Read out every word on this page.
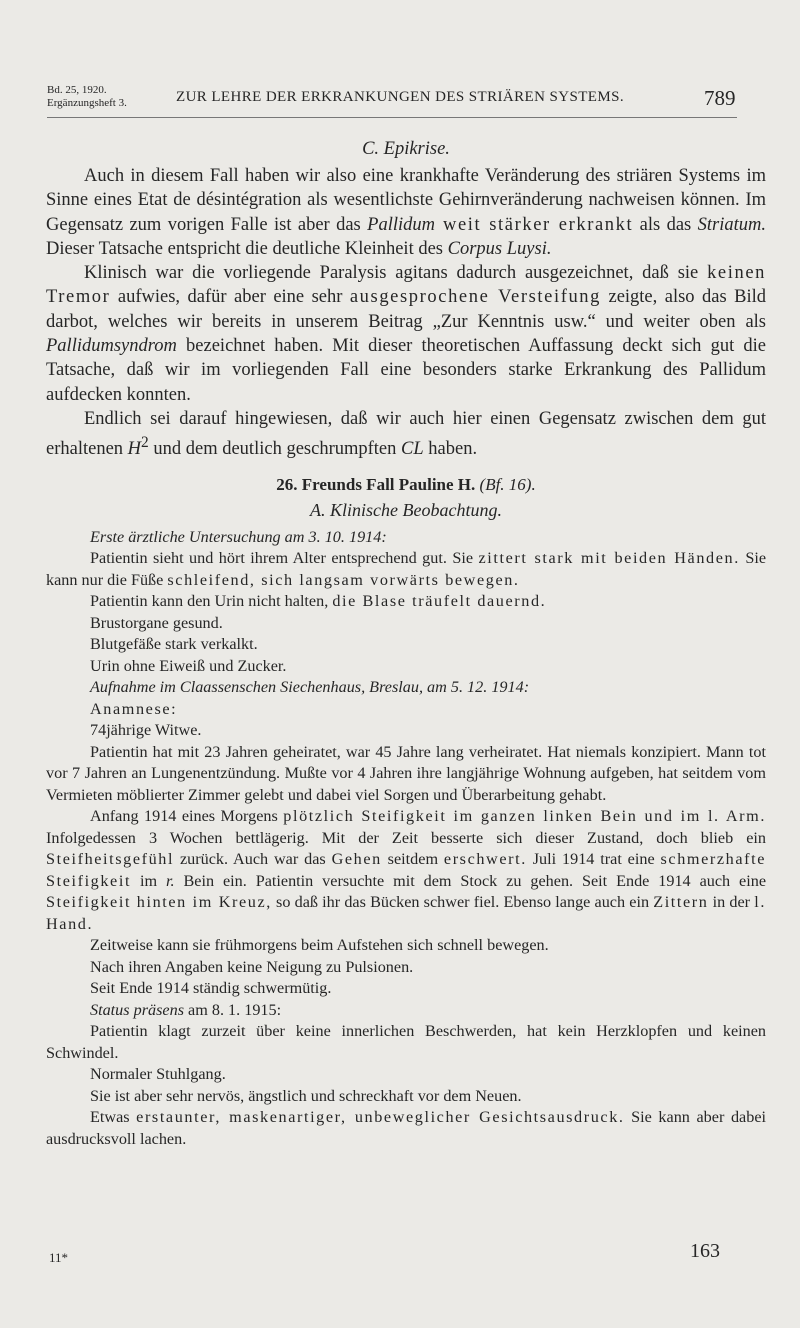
Bd. 25, 1920.
Ergänzungsheft 3.	ZUR LEHRE DER ERKRANKUNGEN DES STRIÄREN SYSTEMS.	789

C. Epikrise.

Auch in diesem Fall haben wir also eine krankhafte Veränderung des striären Systems im Sinne eines Etat de désintégration als wesentlichste Gehirnveränderung nachweisen können. Im Gegensatz zum vorigen Falle ist aber das Pallidum weit stärker erkrankt als das Striatum. Dieser Tatsache entspricht die deutliche Kleinheit des Corpus Luysi.

Klinisch war die vorliegende Paralysis agitans dadurch ausgezeichnet, daß sie keinen Tremor aufwies, dafür aber eine sehr ausgesprochene Versteifung zeigte, also das Bild darbot, welches wir bereits in unserem Beitrag „Zur Kenntnis usw.“ und weiter oben als Pallidumsyndrom bezeichnet haben. Mit dieser theoretischen Auffassung deckt sich gut die Tatsache, daß wir im vorliegenden Fall eine besonders starke Erkrankung des Pallidum aufdecken konnten.

Endlich sei darauf hingewiesen, daß wir auch hier einen Gegensatz zwischen dem gut erhaltenen $H^2$ und dem deutlich geschrumpften CL haben.

26. Freunds Fall Pauline H. (Bf. 16).

A. Klinische Beobachtung.

Erste ärztliche Untersuchung am 3. 10. 1914:

Patientin sieht und hört ihrem Alter entsprechend gut. Sie zittert stark mit beiden Händen. Sie kann nur die Füße schleifend, sich langsam vorwärts bewegen.

Patientin kann den Urin nicht halten, die Blase träufelt dauernd.

Brustorgane gesund.

Blutgefäße stark verkalkt.

Urin ohne Eiweiß und Zucker.

Aufnahme im Claassenschen Siechenhaus, Breslau, am 5. 12. 1914:

Anamnese:

74jährige Witwe.

Patientin hat mit 23 Jahren geheiratet, war 45 Jahre lang verheiratet. Hat niemals konzipiert. Mann tot vor 7 Jahren an Lungenentzündung. Mußte vor 4 Jahren ihre langjährige Wohnung aufgeben, hat seitdem vom Vermieten möblierter Zimmer gelebt und dabei viel Sorgen und Überarbeitung gehabt.

Anfang 1914 eines Morgens plötzlich Steifigkeit im ganzen linken Bein und im l. Arm. Infolgedessen 3 Wochen bettlägerig. Mit der Zeit besserte sich dieser Zustand, doch blieb ein Steifheitsgefühl zurück. Auch war das Gehen seitdem erschwert. Juli 1914 trat eine schmerzhafte Steifigkeit im r. Bein ein. Patientin versuchte mit dem Stock zu gehen. Seit Ende 1914 auch eine Steifigkeit hinten im Kreuz, so daß ihr das Bücken schwer fiel. Ebenso lange auch ein Zittern in der l. Hand.

Zeitweise kann sie frühmorgens beim Aufstehen sich schnell bewegen.

Nach ihren Angaben keine Neigung zu Pulsionen.

Seit Ende 1914 ständig schwermütig.

Status präsens am 8. 1. 1915:

Patientin klagt zurzeit über keine innerlichen Beschwerden, hat kein Herzklopfen und keinen Schwindel.

Normaler Stuhlgang.

Sie ist aber sehr nervös, ängstlich und schreckhaft vor dem Neuen.

Etwas erstaunter, maskenartiger, unbeweglicher Gesichtsausdruck. Sie kann aber dabei ausdrucksvoll lachen.

11*	163
